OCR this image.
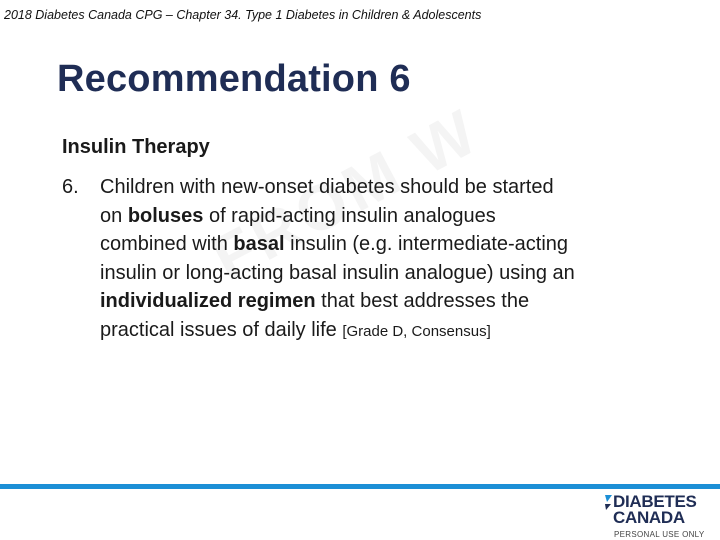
2018 Diabetes Canada CPG – Chapter 34. Type 1 Diabetes in Children & Adolescents
Recommendation 6
Insulin Therapy
6. Children with new-onset diabetes should be started
on boluses of rapid-acting insulin analogues
combined with basal insulin (e.g. intermediate-acting
insulin or long-acting basal insulin analogue) using an
individualized regimen that best addresses the
practical issues of daily life [Grade D, Consensus]
DIABETES
CANADA
PERSONAL USE ONLY
